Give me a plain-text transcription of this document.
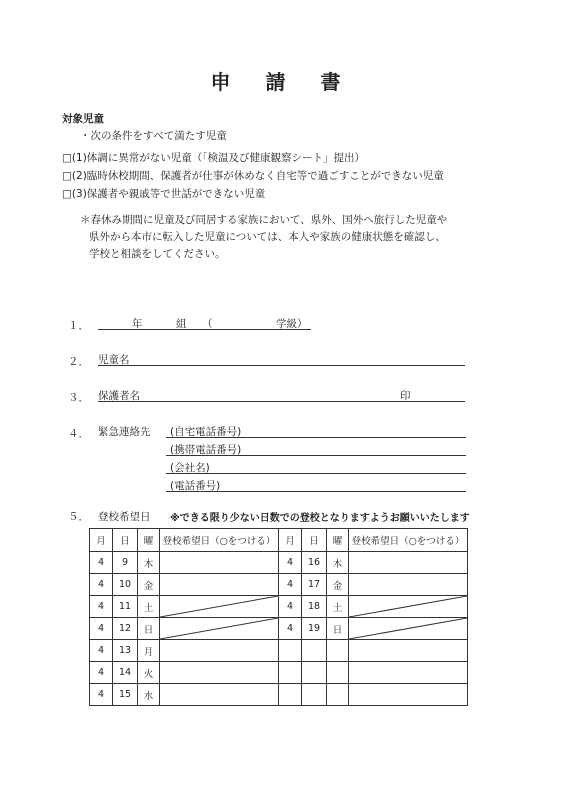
申 請 書
対象児童
・次の条件をすべて満たす児童
□(1)体調に異常がない児童（「検温及び健康観察シート」提出）
□(2)臨時休校期間、保護者が仕事が休めなく自宅等で過ごすことができない児童
□(3)保護者や親戚等で世話ができない児童
＊春休み期間に児童及び同居する家族において、県外、国外へ旅行した児童や
県外から本市に転入した児童については、本人や家族の健康状態を確認し、
学校と相談をしてください。
１．	年	組 （	学級）
２． 児童名
３． 保護者名	印
４． 緊急連絡先 (自宅電話番号)
(携帯電話番号)
(会社名)
(電話番号)
５． 登校希望日 ※できる限り少ない日数での登校となりますようお願いいたします
月	日	曜	登校希望日（○をつける）	月	日	曜	登校希望日（○をつける）
4	9	木		4	16	木	
4	10	金		4	17	金	
4	11	土		4	18	土	

4	12	日		4	19	日	

4	13	月					
4	14	火					
4	15	水					
